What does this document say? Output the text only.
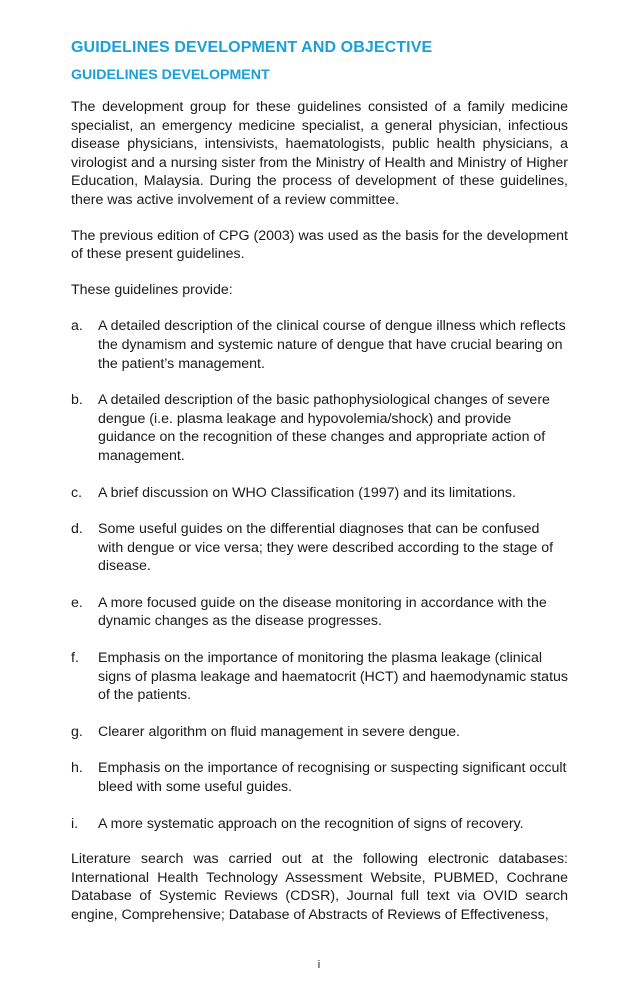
GUIDELINES DEVELOPMENT AND OBJECTIVE
GUIDELINES DEVELOPMENT

The development group for these guidelines consisted of a family medicine specialist, an emergency medicine specialist, a general physician, infectious disease physicians, intensivists, haematologists, public health physicians, a virologist and a nursing sister from the Ministry of Health and Ministry of Higher Education, Malaysia. During the process of development of these guidelines, there was active involvement of a review committee.

The previous edition of CPG (2003) was used as the basis for the development of these present guidelines.

These guidelines provide:

a.	A detailed description of the clinical course of dengue illness which reflects the dynamism and systemic nature of dengue that have crucial bearing on the patient’s management.
b.	A detailed description of the basic pathophysiological changes of severe dengue (i.e. plasma leakage and hypovolemia/shock) and provide guidance on the recognition of these changes and appropriate action of management.
c.	A brief discussion on WHO Classification (1997) and its limitations.
d.	Some useful guides on the differential diagnoses that can be confused with dengue or vice versa; they were described according to the stage of disease.
e.	A more focused guide on the disease monitoring in accordance with the dynamic changes as the disease progresses.
f.	Emphasis on the importance of monitoring the plasma leakage (clinical signs of plasma leakage and haematocrit (HCT) and haemodynamic status of the patients.
g.	Clearer algorithm on fluid management in severe dengue.
h.	Emphasis on the importance of recognising or suspecting significant occult bleed with some useful guides.
i.	A more systematic approach on the recognition of signs of recovery.

Literature search was carried out at the following electronic databases: International Health Technology Assessment Website, PUBMED, Cochrane Database of Systemic Reviews (CDSR), Journal full text via OVID search engine, Comprehensive; Database of Abstracts of Reviews of Effectiveness,

i
